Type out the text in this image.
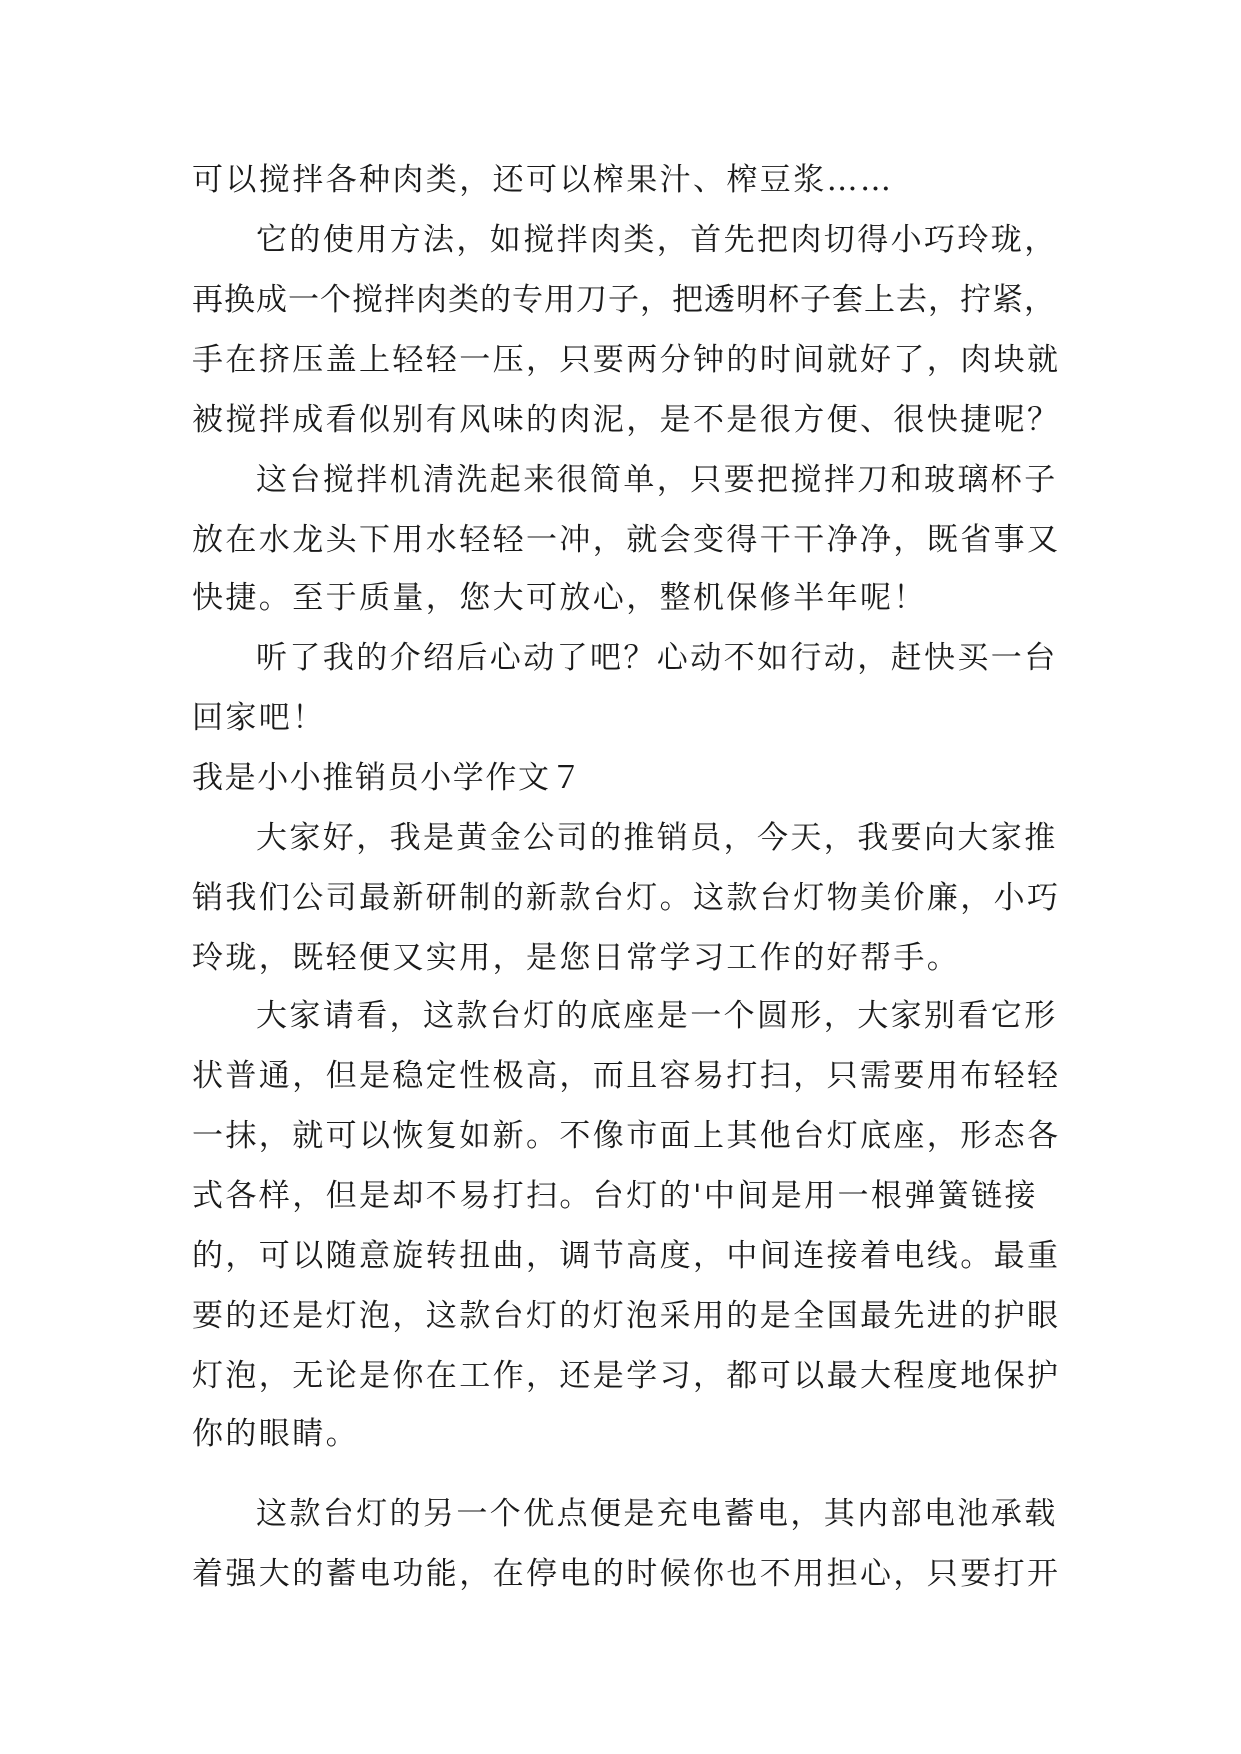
可以搅拌各种肉类，还可以榨果汁、榨豆浆……
它的使用方法，如搅拌肉类，首先把肉切得小巧玲珑，
再换成一个搅拌肉类的专用刀子，把透明杯子套上去，拧紧，
手在挤压盖上轻轻一压，只要两分钟的时间就好了，肉块就
被搅拌成看似别有风味的肉泥，是不是很方便、很快捷呢？
这台搅拌机清洗起来很简单，只要把搅拌刀和玻璃杯子
放在水龙头下用水轻轻一冲，就会变得干干净净，既省事又
快捷。至于质量，您大可放心，整机保修半年呢！
听了我的介绍后心动了吧？心动不如行动，赶快买一台
回家吧！
我是小小推销员小学作文７
大家好，我是黄金公司的推销员，今天，我要向大家推
销我们公司最新研制的新款台灯。这款台灯物美价廉，小巧
玲珑，既轻便又实用，是您日常学习工作的好帮手。
大家请看，这款台灯的底座是一个圆形，大家别看它形
状普通，但是稳定性极高，而且容易打扫，只需要用布轻轻
一抹，就可以恢复如新。不像市面上其他台灯底座，形态各
式各样，但是却不易打扫。台灯的'中间是用一根弹簧链接
的，可以随意旋转扭曲，调节高度，中间连接着电线。最重
要的还是灯泡，这款台灯的灯泡采用的是全国最先进的护眼
灯泡，无论是你在工作，还是学习，都可以最大程度地保护
你的眼睛。
这款台灯的另一个优点便是充电蓄电，其内部电池承载
着强大的蓄电功能，在停电的时候你也不用担心，只要打开
